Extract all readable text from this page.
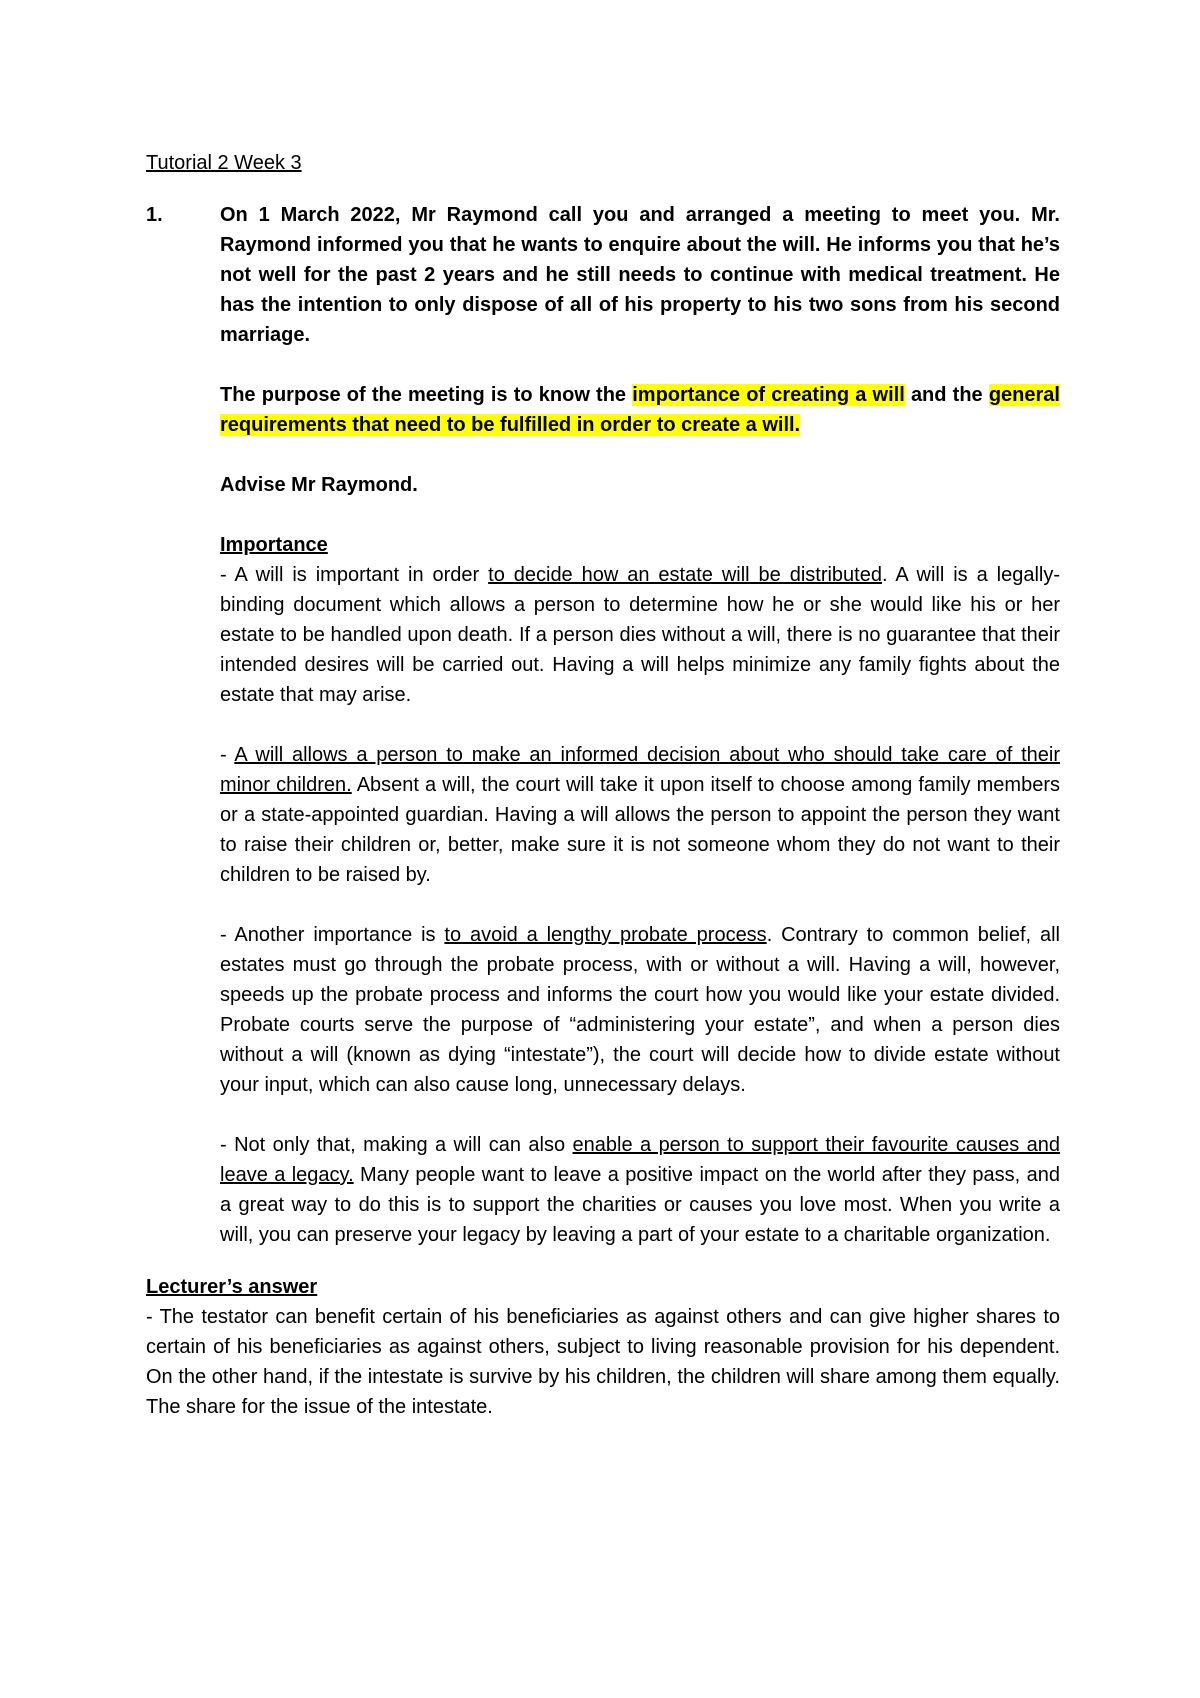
Tutorial 2 Week 3
1.	On 1 March 2022, Mr Raymond call you and arranged a meeting to meet you. Mr. Raymond informed you that he wants to enquire about the will. He informs you that he’s not well for the past 2 years and he still needs to continue with medical treatment. He has the intention to only dispose of all of his property to his two sons from his second marriage.

The purpose of the meeting is to know the importance of creating a will and the general requirements that need to be fulfilled in order to create a will.

Advise Mr Raymond.

Importance

- A will is important in order to decide how an estate will be distributed. A will is a legally-binding document which allows a person to determine how he or she would like his or her estate to be handled upon death. If a person dies without a will, there is no guarantee that their intended desires will be carried out. Having a will helps minimize any family fights about the estate that may arise.

- A will allows a person to make an informed decision about who should take care of their minor children. Absent a will, the court will take it upon itself to choose among family members or a state-appointed guardian. Having a will allows the person to appoint the person they want to raise their children or, better, make sure it is not someone whom they do not want to their children to be raised by.

- Another importance is to avoid a lengthy probate process. Contrary to common belief, all estates must go through the probate process, with or without a will. Having a will, however, speeds up the probate process and informs the court how you would like your estate divided. Probate courts serve the purpose of “administering your estate”, and when a person dies without a will (known as dying “intestate”), the court will decide how to divide estate without your input, which can also cause long, unnecessary delays.

- Not only that, making a will can also enable a person to support their favourite causes and leave a legacy. Many people want to leave a positive impact on the world after they pass, and a great way to do this is to support the charities or causes you love most. When you write a will, you can preserve your legacy by leaving a part of your estate to a charitable organization.

Lecturer’s answer

- The testator can benefit certain of his beneficiaries as against others and can give higher shares to certain of his beneficiaries as against others, subject to living reasonable provision for his dependent. On the other hand, if the intestate is survive by his children, the children will share among them equally. The share for the issue of the intestate.
